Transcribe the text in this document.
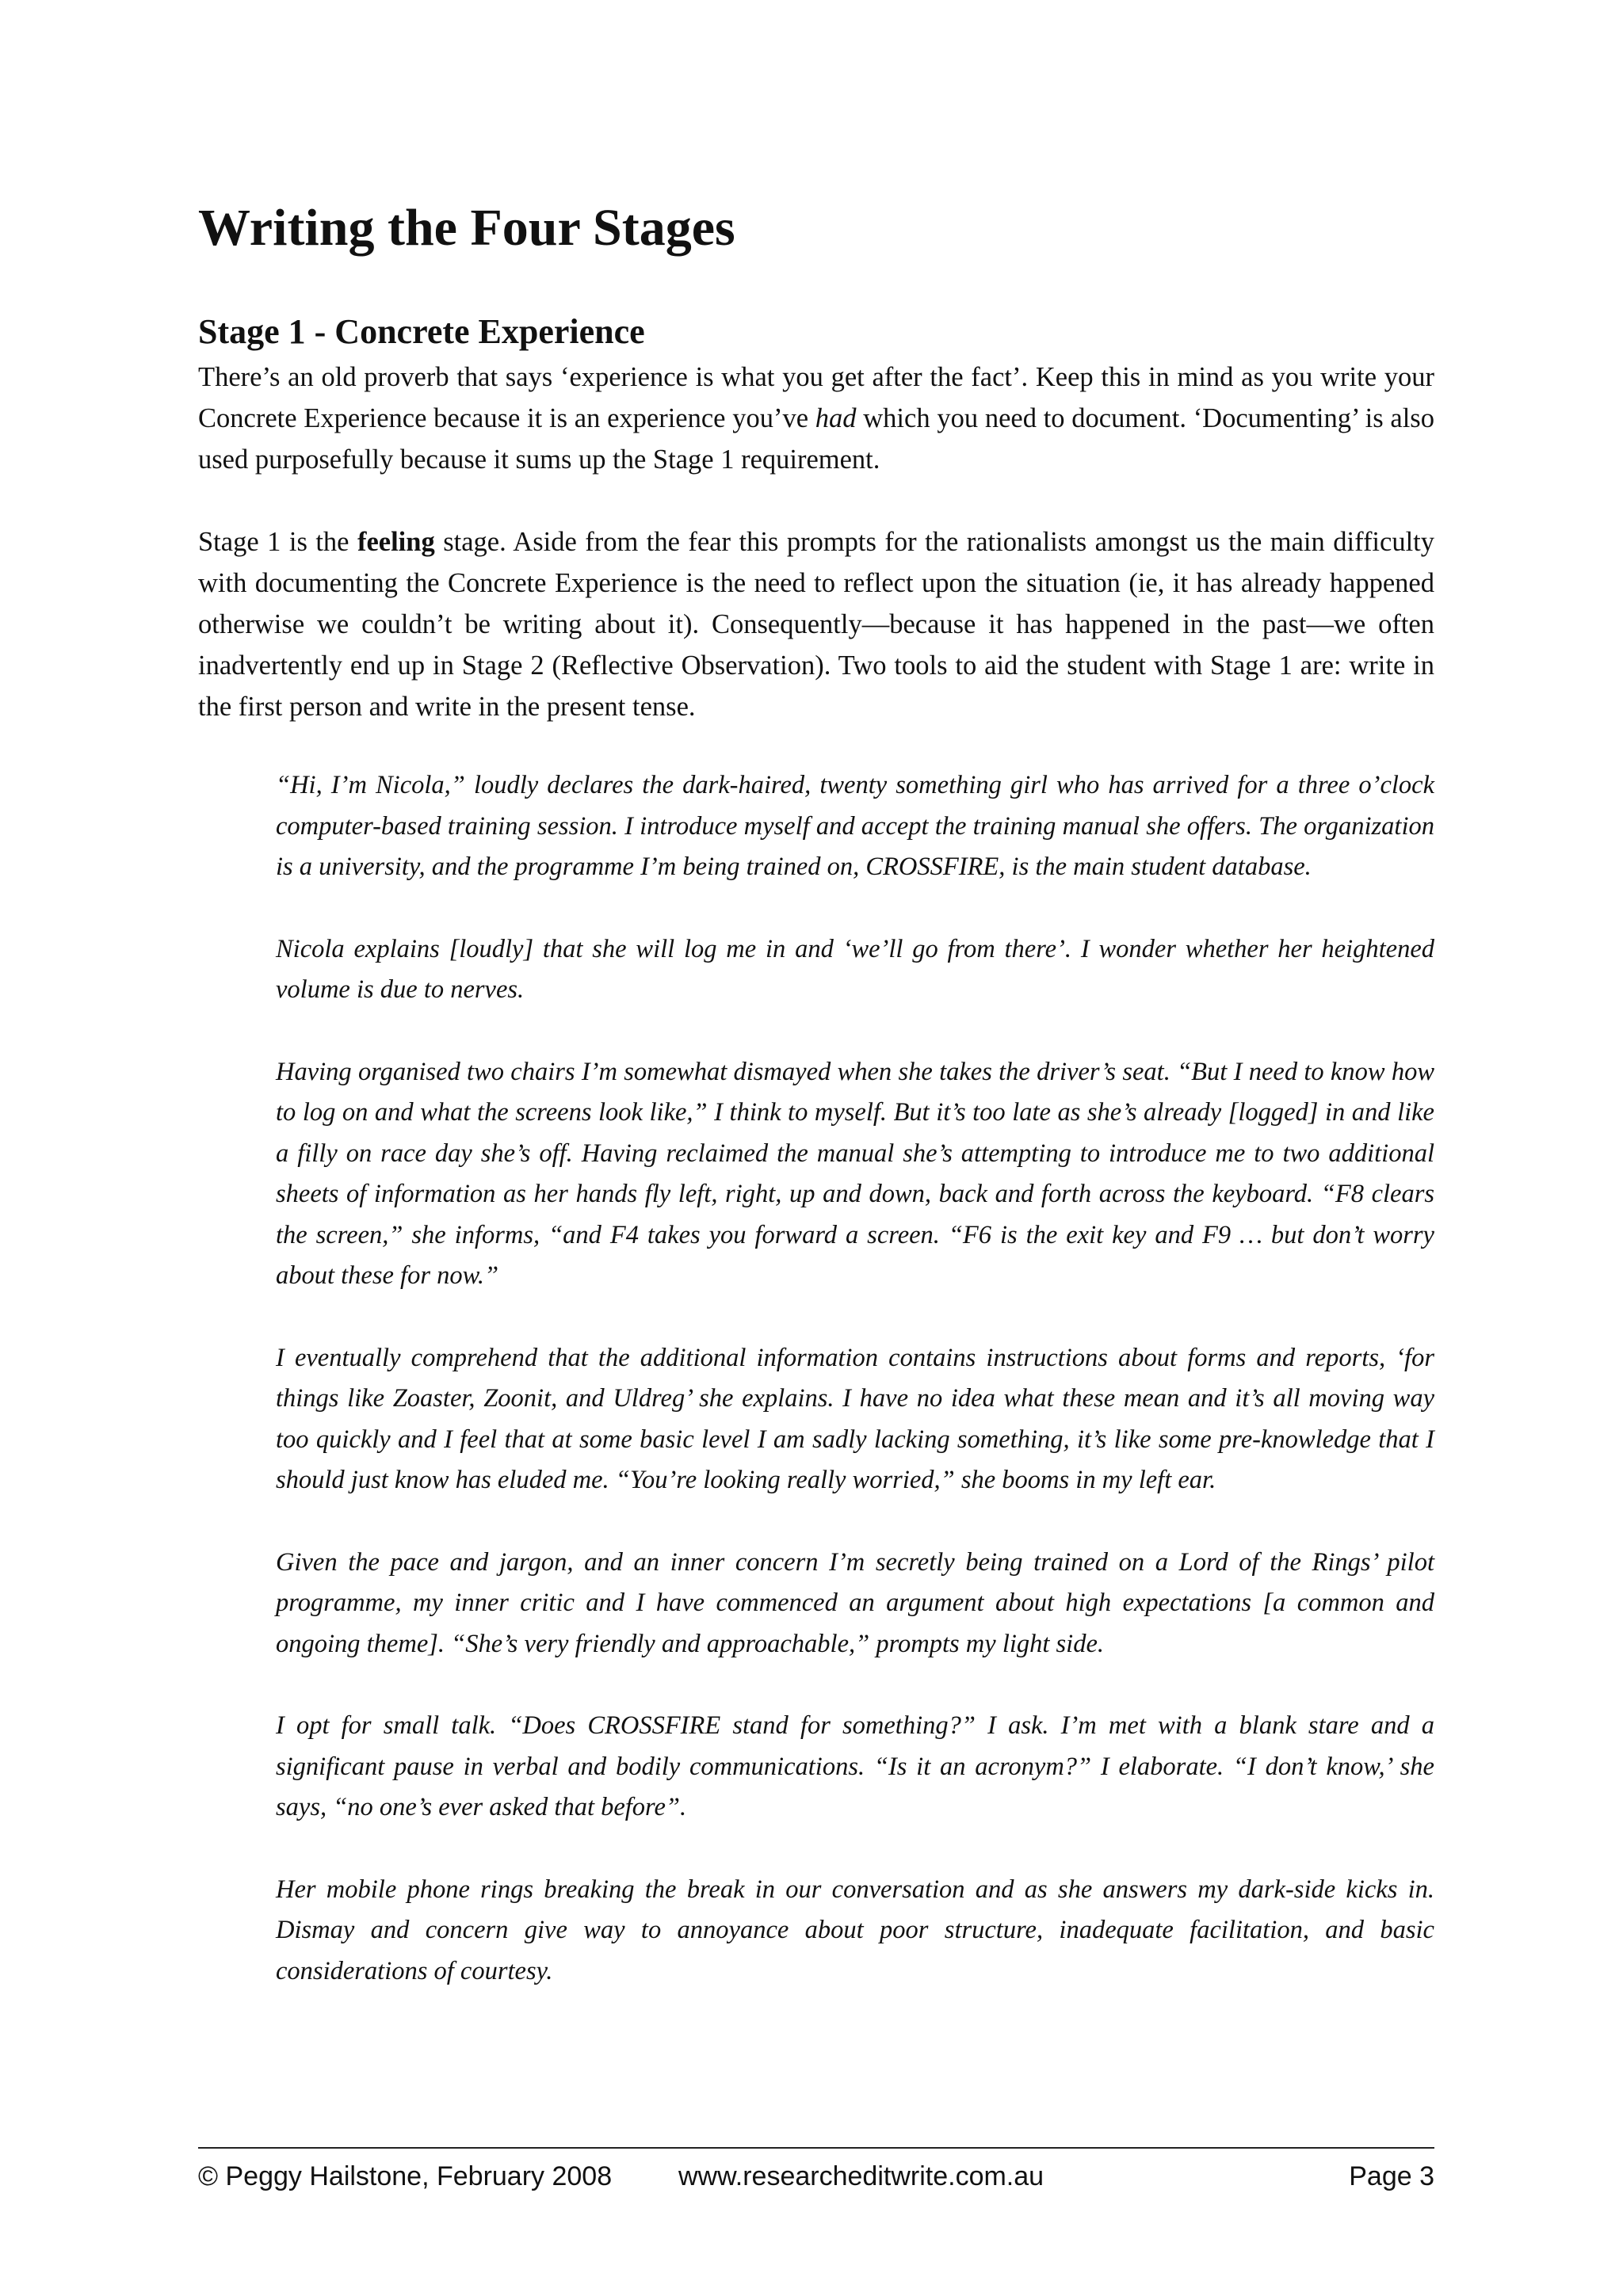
Writing the Four Stages
Stage 1 - Concrete Experience

There’s an old proverb that says ‘experience is what you get after the fact’. Keep this in mind as you write your Concrete Experience because it is an experience you’ve had which you need to document. ‘Documenting’ is also used purposefully because it sums up the Stage 1 requirement.

Stage 1 is the feeling stage. Aside from the fear this prompts for the rationalists amongst us the main difficulty with documenting the Concrete Experience is the need to reflect upon the situation (ie, it has already happened otherwise we couldn’t be writing about it). Consequently—because it has happened in the past—we often inadvertently end up in Stage 2 (Reflective Observation). Two tools to aid the student with Stage 1 are: write in the first person and write in the present tense.

“Hi, I’m Nicola,” loudly declares the dark-haired, twenty something girl who has arrived for a three o’clock computer-based training session. I introduce myself and accept the training manual she offers. The organization is a university, and the programme I’m being trained on, CROSSFIRE, is the main student database.

Nicola explains [loudly] that she will log me in and ‘we’ll go from there’. I wonder whether her heightened volume is due to nerves.

Having organised two chairs I’m somewhat dismayed when she takes the driver’s seat. “But I need to know how to log on and what the screens look like,” I think to myself. But it’s too late as she’s already [logged] in and like a filly on race day she’s off. Having reclaimed the manual she’s attempting to introduce me to two additional sheets of information as her hands fly left, right, up and down, back and forth across the keyboard. “F8 clears the screen,” she informs, “and F4 takes you forward a screen. “F6 is the exit key and F9 … but don’t worry about these for now.”

I eventually comprehend that the additional information contains instructions about forms and reports, ‘for things like Zoaster, Zoonit, and Uldreg’ she explains. I have no idea what these mean and it’s all moving way too quickly and I feel that at some basic level I am sadly lacking something, it’s like some pre-knowledge that I should just know has eluded me. “You’re looking really worried,” she booms in my left ear.

Given the pace and jargon, and an inner concern I’m secretly being trained on a Lord of the Rings’ pilot programme, my inner critic and I have commenced an argument about high expectations [a common and ongoing theme]. “She’s very friendly and approachable,” prompts my light side.

I opt for small talk. “Does CROSSFIRE stand for something?” I ask. I’m met with a blank stare and a significant pause in verbal and bodily communications. “Is it an acronym?” I elaborate. “I don’t know,’ she says, “no one’s ever asked that before”.

Her mobile phone rings breaking the break in our conversation and as she answers my dark-side kicks in. Dismay and concern give way to annoyance about poor structure, inadequate facilitation, and basic considerations of courtesy.

© Peggy Hailstone, February 2008 www.researcheditwrite.com.au	Page 3
